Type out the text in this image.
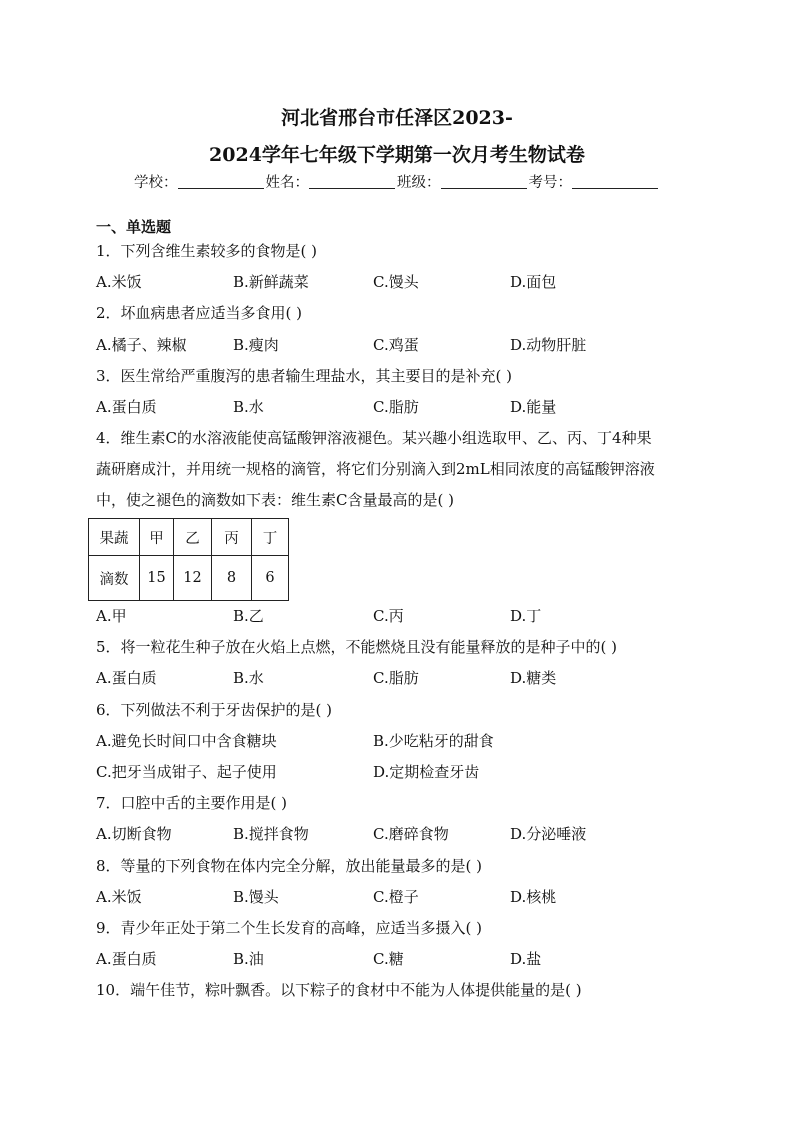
河北省邢台市任泽区2023-
2024学年七年级下学期第一次月考生物试卷
学校：	姓名：	班级：	考号：
一、单选题
1．下列含维生素较多的食物是( )
A.米饭	B.新鲜蔬菜	C.馒头	D.面包
2．坏血病患者应适当多食用( )
A.橘子、辣椒	B.瘦肉	C.鸡蛋	D.动物肝脏
3．医生常给严重腹泻的患者输生理盐水，其主要目的是补充( )
A.蛋白质	B.水	C.脂肪	D.能量
4．维生素C的水溶液能使高锰酸钾溶液褪色。某兴趣小组选取甲、乙、丙、丁4种果
蔬研磨成汁，并用统一规格的滴管，将它们分别滴入到2mL相同浓度的高锰酸钾溶液
中，使之褪色的滴数如下表：维生素C含量最高的是( )
果蔬	甲	乙	丙	丁
滴数	15	12	8	6
A.甲	B.乙	C.丙	D.丁
5．将一粒花生种子放在火焰上点燃，不能燃烧且没有能量释放的是种子中的( )
A.蛋白质	B.水	C.脂肪	D.糖类
6．下列做法不利于牙齿保护的是( )
A.避免长时间口中含食糖块	B.少吃粘牙的甜食
C.把牙当成钳子、起子使用	D.定期检查牙齿
7．口腔中舌的主要作用是( )
A.切断食物	B.搅拌食物	C.磨碎食物	D.分泌唾液
8．等量的下列食物在体内完全分解，放出能量最多的是( )
A.米饭	B.馒头	C.橙子	D.核桃
9．青少年正处于第二个生长发育的高峰，应适当多摄入( )
A.蛋白质	B.油	C.糖	D.盐
10．端午佳节，粽叶飘香。以下粽子的食材中不能为人体提供能量的是( )
